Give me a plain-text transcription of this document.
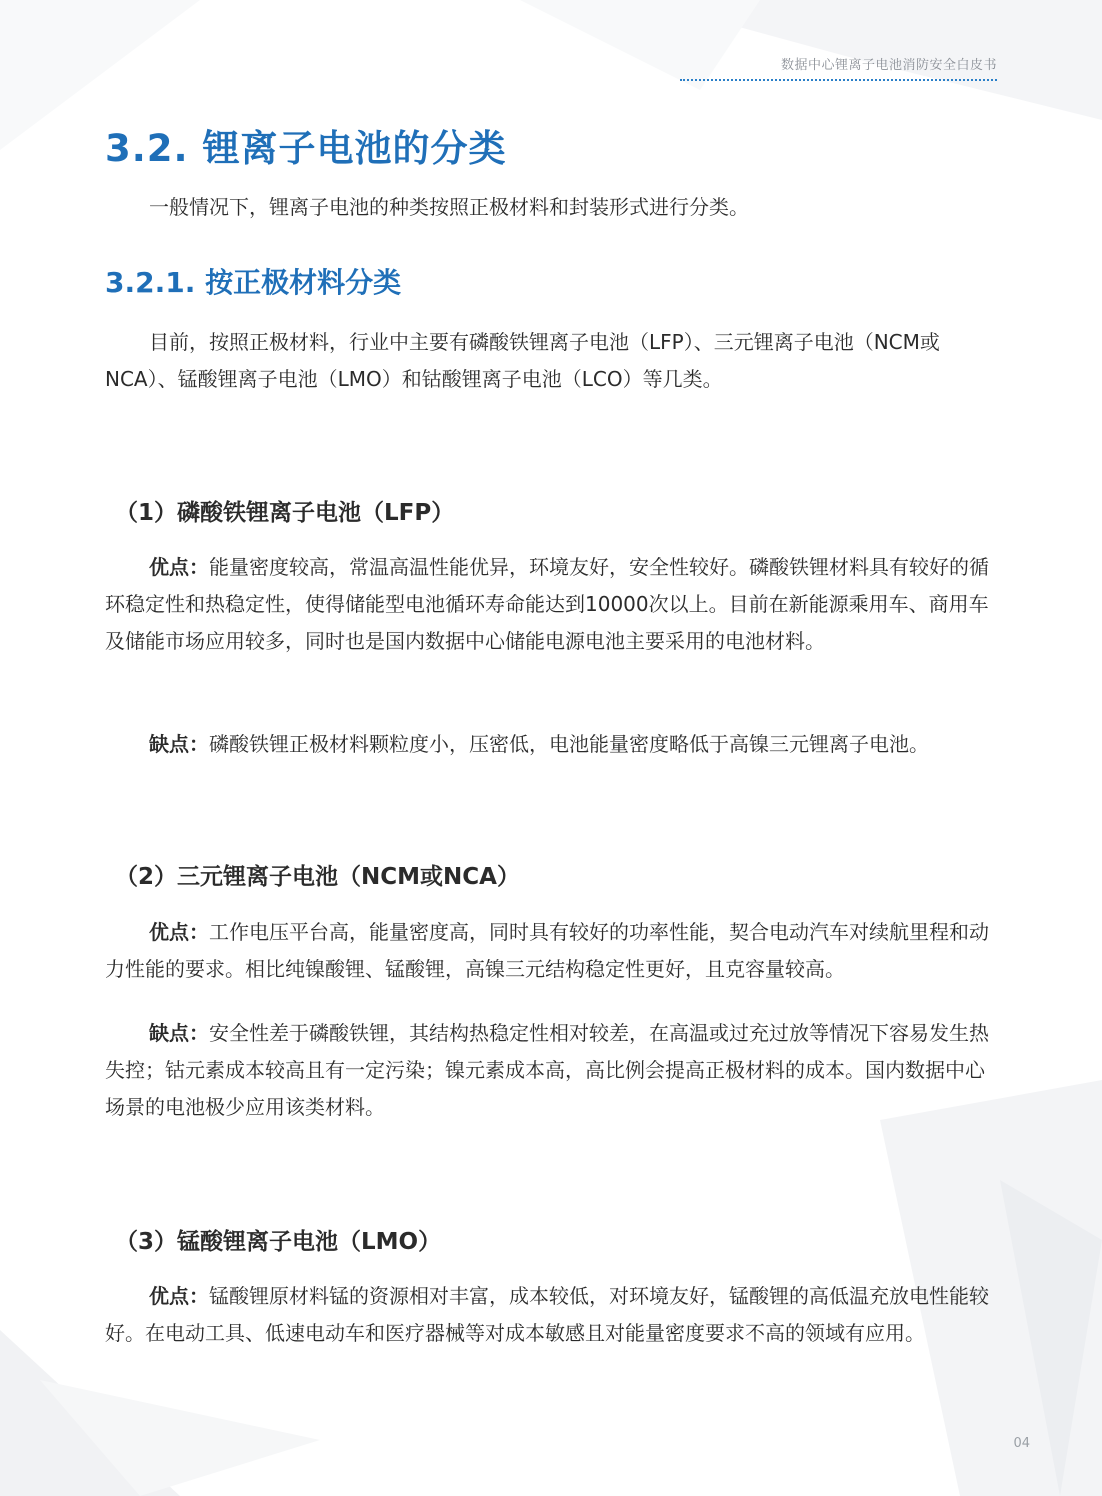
数据中心锂离子电池消防安全白皮书
3.2. 锂离子电池的分类

一般情况下，锂离子电池的种类按照正极材料和封装形式进行分类。

3.2.1. 按正极材料分类

目前，按照正极材料，行业中主要有磷酸铁锂离子电池（LFP）、三元锂离子电池（NCM或NCA）、锰酸锂离子电池（LMO）和钴酸锂离子电池（LCO）等几类。

（1）磷酸铁锂离子电池（LFP）

优点：能量密度较高，常温高温性能优异，环境友好，安全性较好。磷酸铁锂材料具有较好的循环稳定性和热稳定性，使得储能型电池循环寿命能达到10000次以上。目前在新能源乘用车、商用车及储能市场应用较多，同时也是国内数据中心储能电源电池主要采用的电池材料。

缺点：磷酸铁锂正极材料颗粒度小，压密低，电池能量密度略低于高镍三元锂离子电池。

（2）三元锂离子电池（NCM或NCA）

优点：工作电压平台高，能量密度高，同时具有较好的功率性能，契合电动汽车对续航里程和动力性能的要求。相比纯镍酸锂、锰酸锂，高镍三元结构稳定性更好，且克容量较高。

缺点：安全性差于磷酸铁锂，其结构热稳定性相对较差，在高温或过充过放等情况下容易发生热失控；钴元素成本较高且有一定污染；镍元素成本高，高比例会提高正极材料的成本。国内数据中心场景的电池极少应用该类材料。

（3）锰酸锂离子电池（LMO）

优点：锰酸锂原材料锰的资源相对丰富，成本较低，对环境友好，锰酸锂的高低温充放电性能较好。在电动工具、低速电动车和医疗器械等对成本敏感且对能量密度要求不高的领域有应用。

04
